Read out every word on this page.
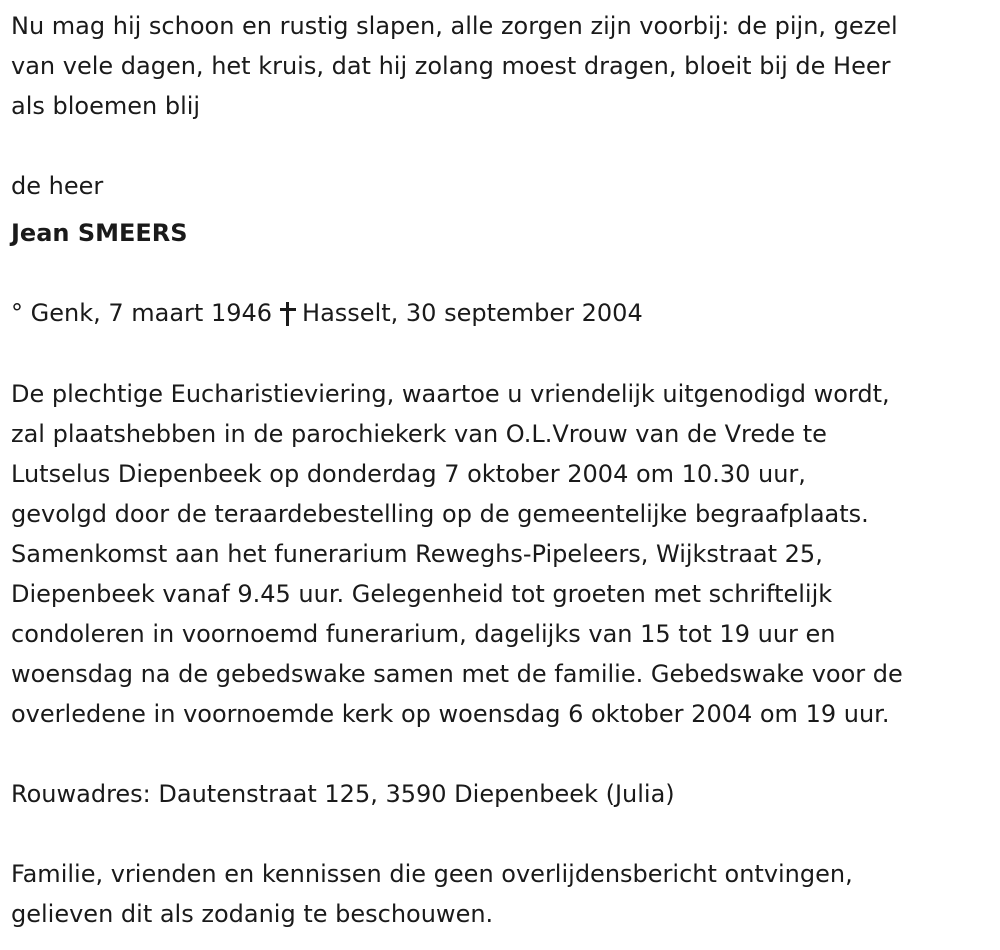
Nu mag hij schoon en rustig slapen, alle zorgen zijn voorbij: de pijn, gezel
van vele dagen, het kruis, dat hij zolang moest dragen, bloeit bij de Heer
als bloemen blij
de heer
Jean SMEERS
° Genk, 7 maart 1946 Hasselt, 30 september 2004
De plechtige Eucharistieviering, waartoe u vriendelijk uitgenodigd wordt,
zal plaatshebben in de parochiekerk van O.L.Vrouw van de Vrede te
Lutselus Diepenbeek op donderdag 7 oktober 2004 om 10.30 uur,
gevolgd door de teraardebestelling op de gemeentelijke begraafplaats.
Samenkomst aan het funerarium Reweghs-Pipeleers, Wijkstraat 25,
Diepenbeek vanaf 9.45 uur. Gelegenheid tot groeten met schriftelijk
condoleren in voornoemd funerarium, dagelijks van 15 tot 19 uur en
woensdag na de gebedswake samen met de familie. Gebedswake voor de
overledene in voornoemde kerk op woensdag 6 oktober 2004 om 19 uur.
Rouwadres: Dautenstraat 125, 3590 Diepenbeek (Julia)
Familie, vrienden en kennissen die geen overlijdensbericht ontvingen,
gelieven dit als zodanig te beschouwen.
